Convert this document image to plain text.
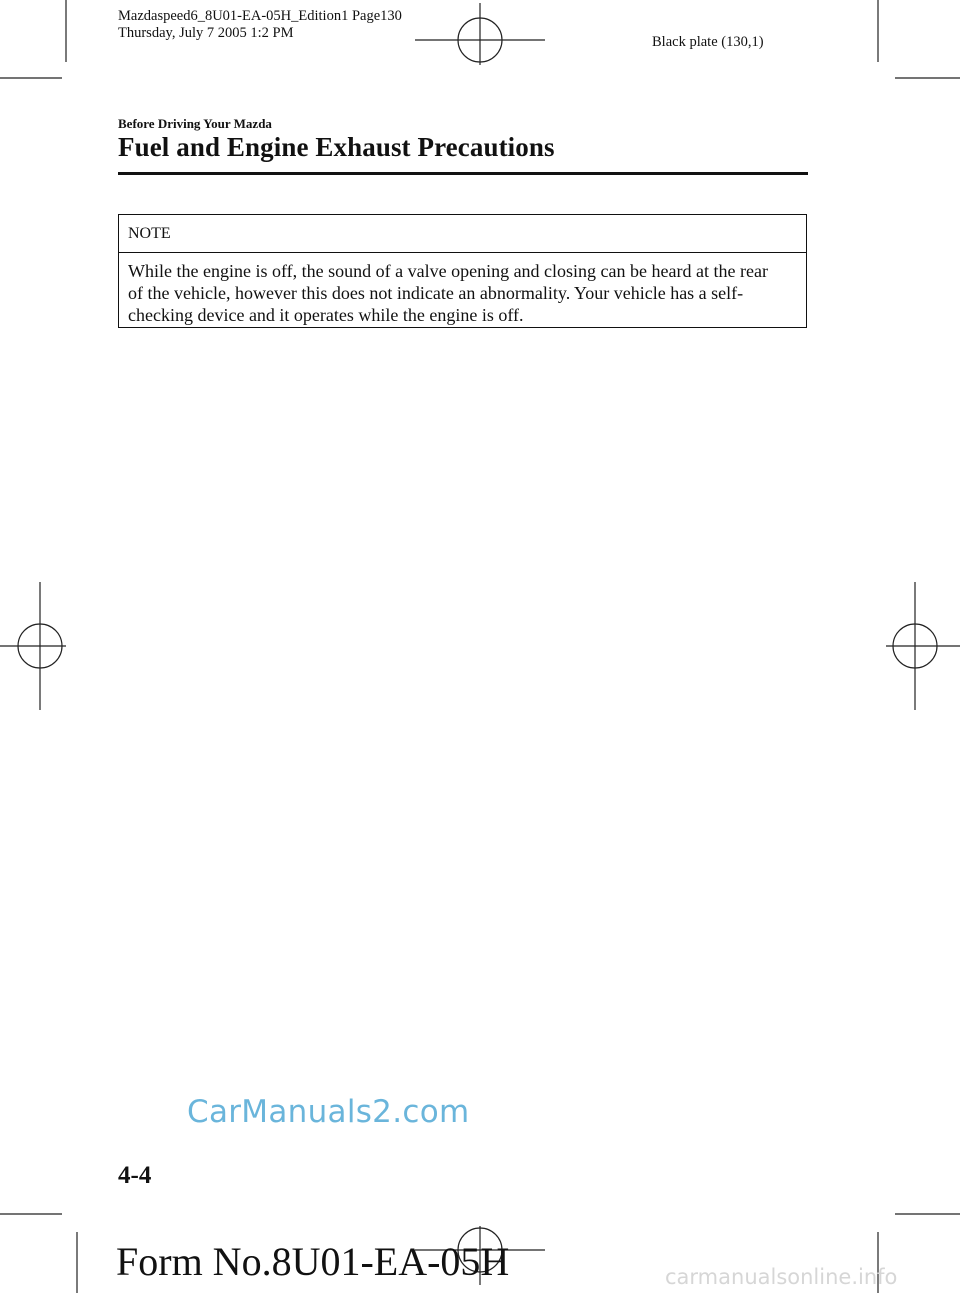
Mazdaspeed6_8U01-EA-05H_Edition1 Page130
Thursday, July 7 2005 1:2 PM
Black plate (130,1)
Before Driving Your Mazda
Fuel and Engine Exhaust Precautions
NOTE
While the engine is off, the sound of a valve opening and closing can be heard at the rear
of the vehicle, however this does not indicate an abnormality. Your vehicle has a self-
checking device and it operates while the engine is off.
CarManuals2.com
4-4
Form No.8U01-EA-05H	carmanualsonline.info
